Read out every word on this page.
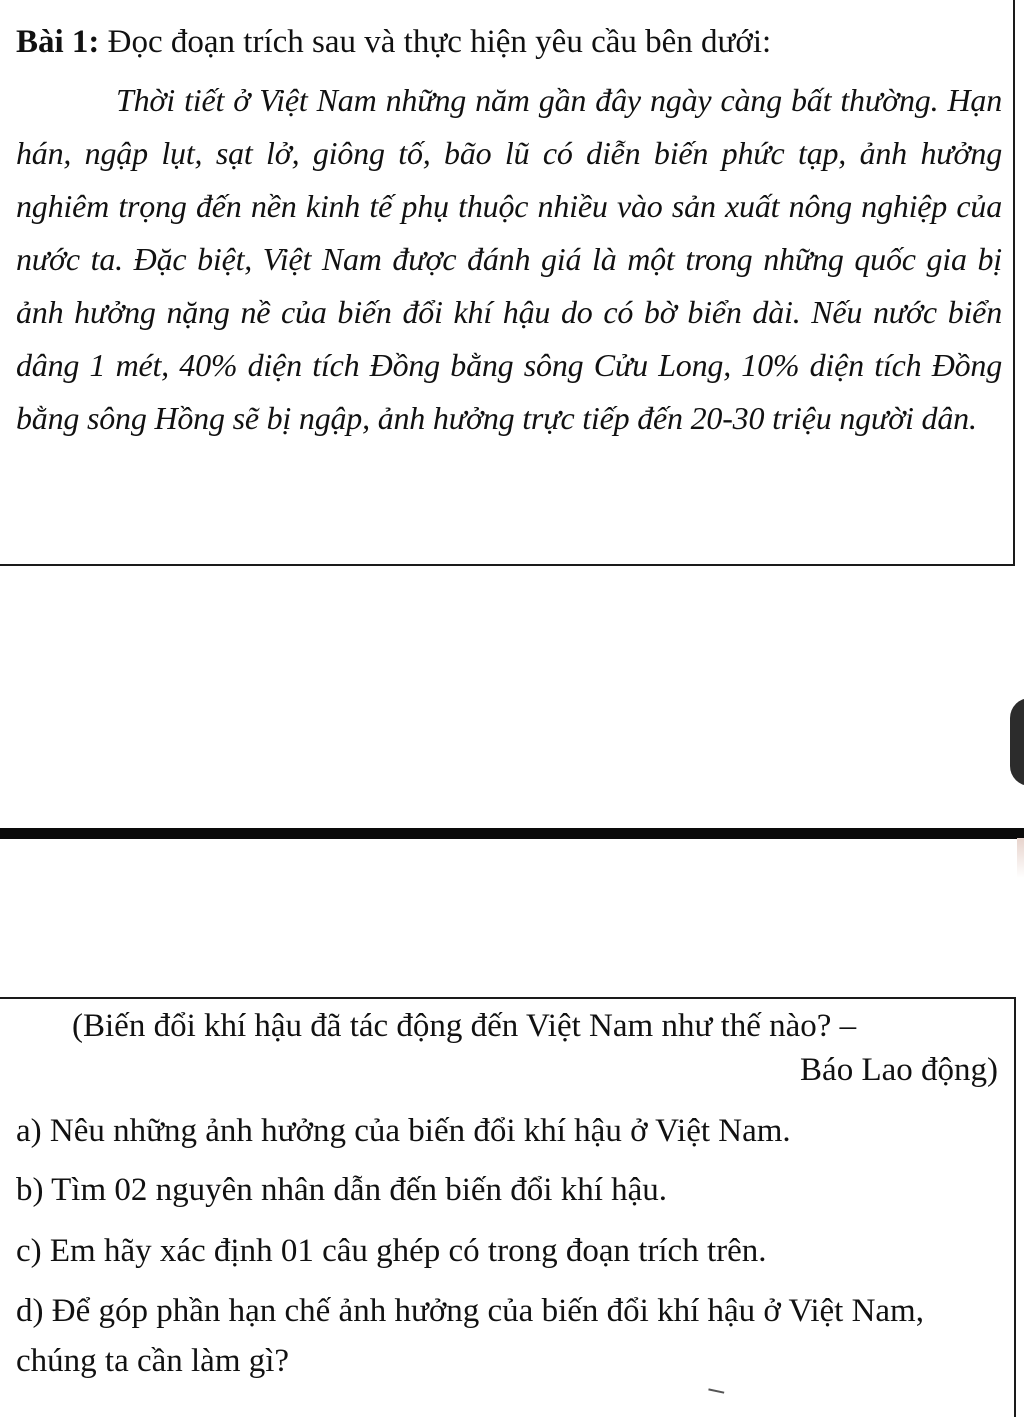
Bài 1: Đọc đoạn trích sau và thực hiện yêu cầu bên dưới:
Thời tiết ở Việt Nam những năm gần đây ngày càng bất thường. Hạn hán, ngập lụt, sạt lở, giông tố, bão lũ có diễn biến phức tạp, ảnh hưởng nghiêm trọng đến nền kinh tế phụ thuộc nhiều vào sản xuất nông nghiệp của nước ta. Đặc biệt, Việt Nam được đánh giá là một trong những quốc gia bị ảnh hưởng nặng nề của biến đổi khí hậu do có bờ biển dài. Nếu nước biển dâng 1 mét, 40% diện tích Đồng bằng sông Cửu Long, 10% diện tích Đồng bằng sông Hồng sẽ bị ngập, ảnh hưởng trực tiếp đến 20-30 triệu người dân.
(Biến đổi khí hậu đã tác động đến Việt Nam như thế nào? –
Báo Lao động)
a) Nêu những ảnh hưởng của biến đổi khí hậu ở Việt Nam.
b) Tìm 02 nguyên nhân dẫn đến biến đổi khí hậu.
c) Em hãy xác định 01 câu ghép có trong đoạn trích trên.
d) Để góp phần hạn chế ảnh hưởng của biến đổi khí hậu ở Việt Nam, chúng ta cần làm gì?
